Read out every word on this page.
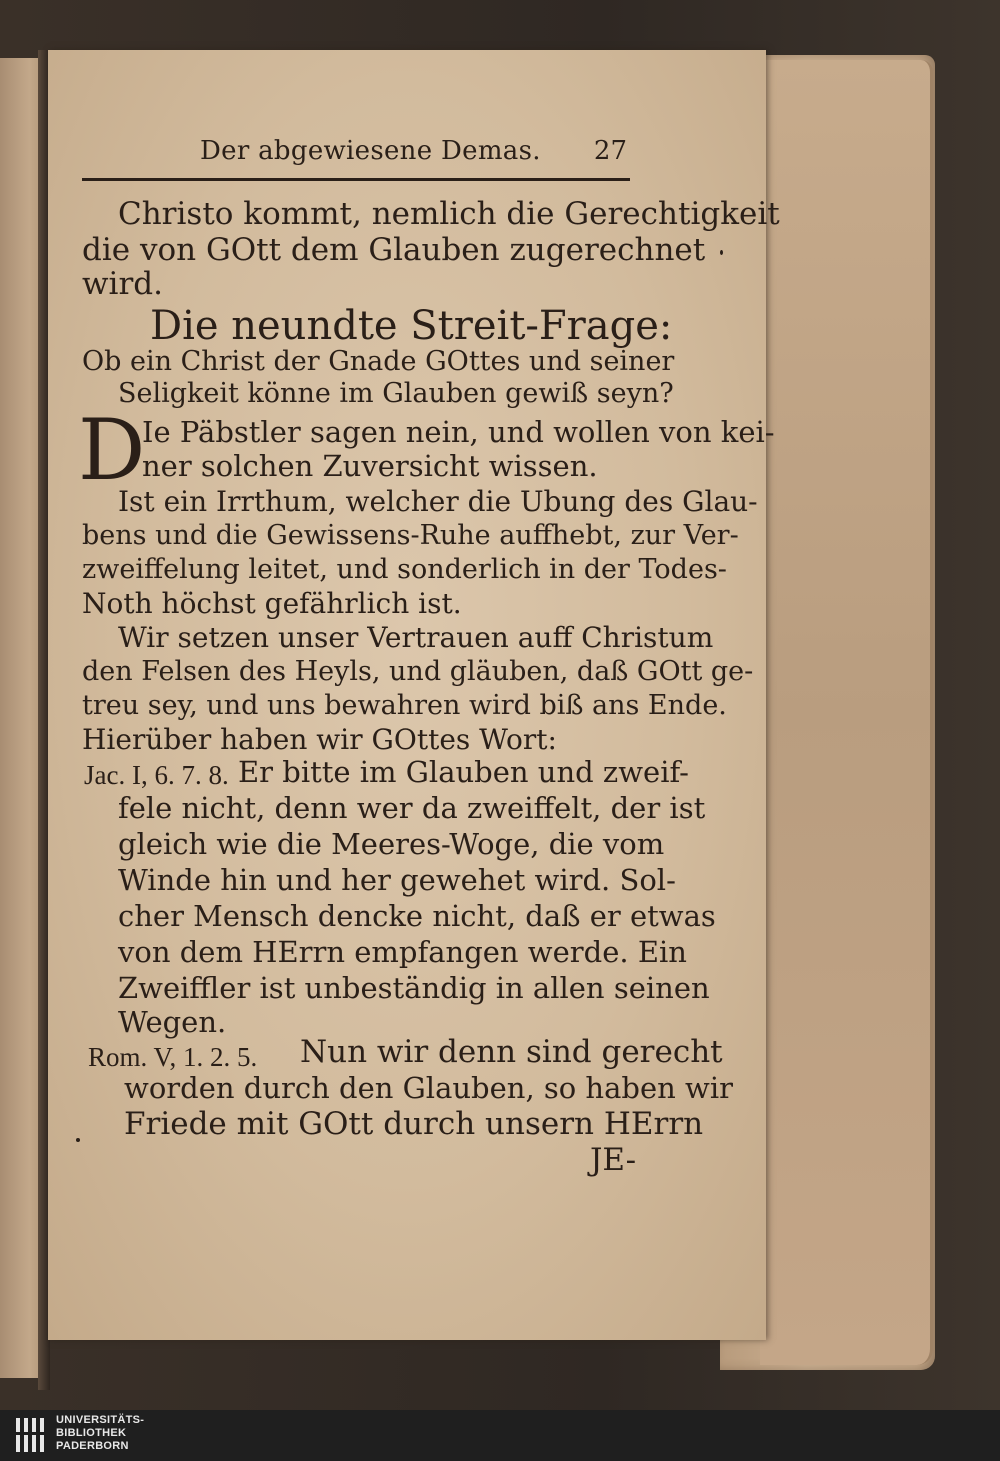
Der abgewiesene Demas. 27
Christo kommt, nemlich die Gerechtigkeit
die von GOtt dem Glauben zugerechnet
wird.
Die neundte Streit-Frage:
Ob ein Christ der Gnade GOttes und seiner
Seligkeit könne im Glauben gewiß seyn?
D
Ie Päbstler sagen nein, und wollen von kei-
ner solchen Zuversicht wissen.
Ist ein Irrthum, welcher die Ubung des Glau-
bens und die Gewissens-Ruhe auffhebt, zur Ver-
zweiffelung leitet, und sonderlich in der Todes-
Noth höchst gefährlich ist.
Wir setzen unser Vertrauen auff Christum
den Felsen des Heyls, und gläuben, daß GOtt ge-
treu sey, und uns bewahren wird biß ans Ende.
Hierüber haben wir GOttes Wort:
Jac. I, 6. 7. 8. Er bitte im Glauben und zweif-
fele nicht, denn wer da zweiffelt, der ist
gleich wie die Meeres-Woge, die vom
Winde hin und her gewehet wird. Sol-
cher Mensch dencke nicht, daß er etwas
von dem HErrn empfangen werde. Ein
Zweiffler ist unbeständig in allen seinen
Wegen.
Rom. V, 1. 2. 5. Nun wir denn sind gerecht
worden durch den Glauben, so haben wir
Friede mit GOtt durch unsern HErrn
JE-
UNIVERSITÄTS-
BIBLIOTHEK
PADERBORN
